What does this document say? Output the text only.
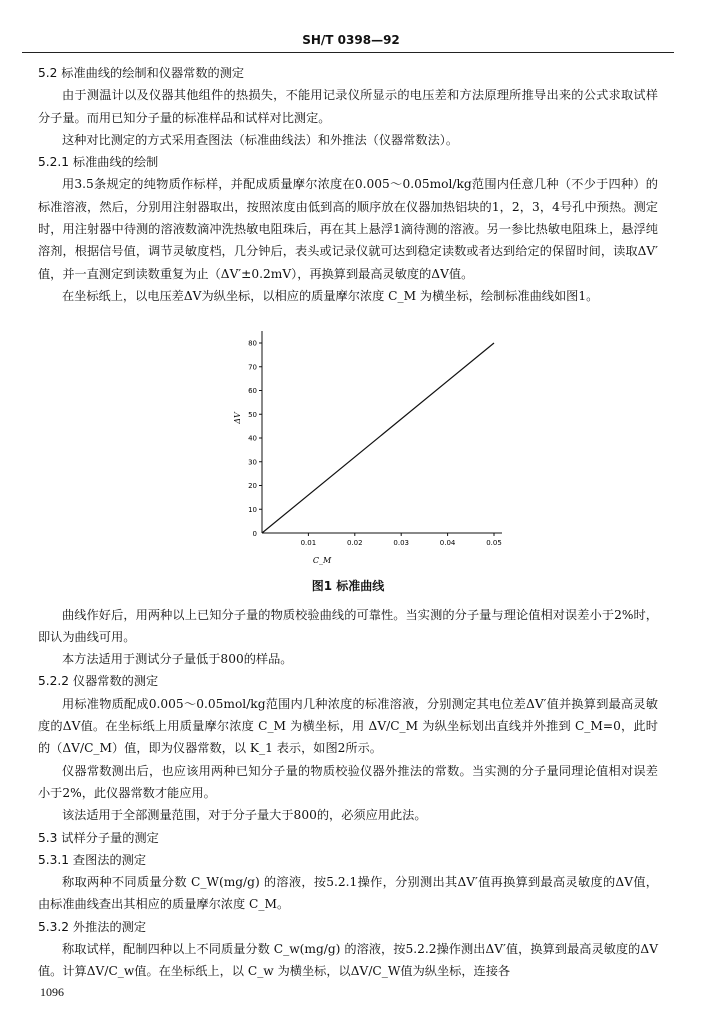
SH/T 0398—92

5.2 标准曲线的绘制和仪器常数的测定

由于测温计以及仪器其他组件的热损失，不能用记录仪所显示的电压差和方法原理所推导出来的公式求取试样分子量。而用已知分子量的标准样品和试样对比测定。

这种对比测定的方式采用查图法（标准曲线法）和外推法（仪器常数法）。

5.2.1 标准曲线的绘制

用3.5条规定的纯物质作标样，并配成质量摩尔浓度在0.005～0.05mol/kg范围内任意几种（不少于四种）的标准溶液，然后，分别用注射器取出，按照浓度由低到高的顺序放在仪器加热铝块的1，2，3，4号孔中预热。测定时，用注射器中待测的溶液数滴冲洗热敏电阻珠后，再在其上悬浮1滴待测的溶液。另一参比热敏电阻珠上，悬浮纯溶剂，根据信号值，调节灵敏度档，几分钟后，表头或记录仪就可达到稳定读数或者达到给定的保留时间，读取ΔV′值，并一直测定到读数重复为止（ΔV′±0.2mV），再换算到最高灵敏度的ΔV值。

在坐标纸上，以电压差ΔV为纵坐标，以相应的质量摩尔浓度 C_M 为横坐标，绘制标准曲线如图1。

10
20
30
40
50
60
70
80
0
0.01	0.02	0.03	0.04	0.05
C_M
ΔV

图1 标准曲线

曲线作好后，用两种以上已知分子量的物质校验曲线的可靠性。当实测的分子量与理论值相对误差小于2%时，即认为曲线可用。

本方法适用于测试分子量低于800的样品。

5.2.2 仪器常数的测定

用标准物质配成0.005～0.05mol/kg范围内几种浓度的标准溶液，分别测定其电位差ΔV′值并换算到最高灵敏度的ΔV值。在坐标纸上用质量摩尔浓度 C_M 为横坐标，用 ΔV/C_M 为纵坐标划出直线并外推到 C_M=0，此时的（ΔV/C_M）值，即为仪器常数，以 K_1 表示，如图2所示。

仪器常数测出后，也应该用两种已知分子量的物质校验仪器外推法的常数。当实测的分子量同理论值相对误差小于2%，此仪器常数才能应用。

该法适用于全部测量范围，对于分子量大于800的，必须应用此法。

5.3 试样分子量的测定

5.3.1 查图法的测定

称取两种不同质量分数 C_W(mg/g) 的溶液，按5.2.1操作，分别测出其ΔV′值再换算到最高灵敏度的ΔV值，由标准曲线查出其相应的质量摩尔浓度 C_M。

5.3.2 外推法的测定

称取试样，配制四种以上不同质量分数 C_w(mg/g) 的溶液，按5.2.2操作测出ΔV′值，换算到最高灵敏度的ΔV值。计算ΔV/C_w值。在坐标纸上，以 C_w 为横坐标，以ΔV/C_W值为纵坐标，连接各

1096
